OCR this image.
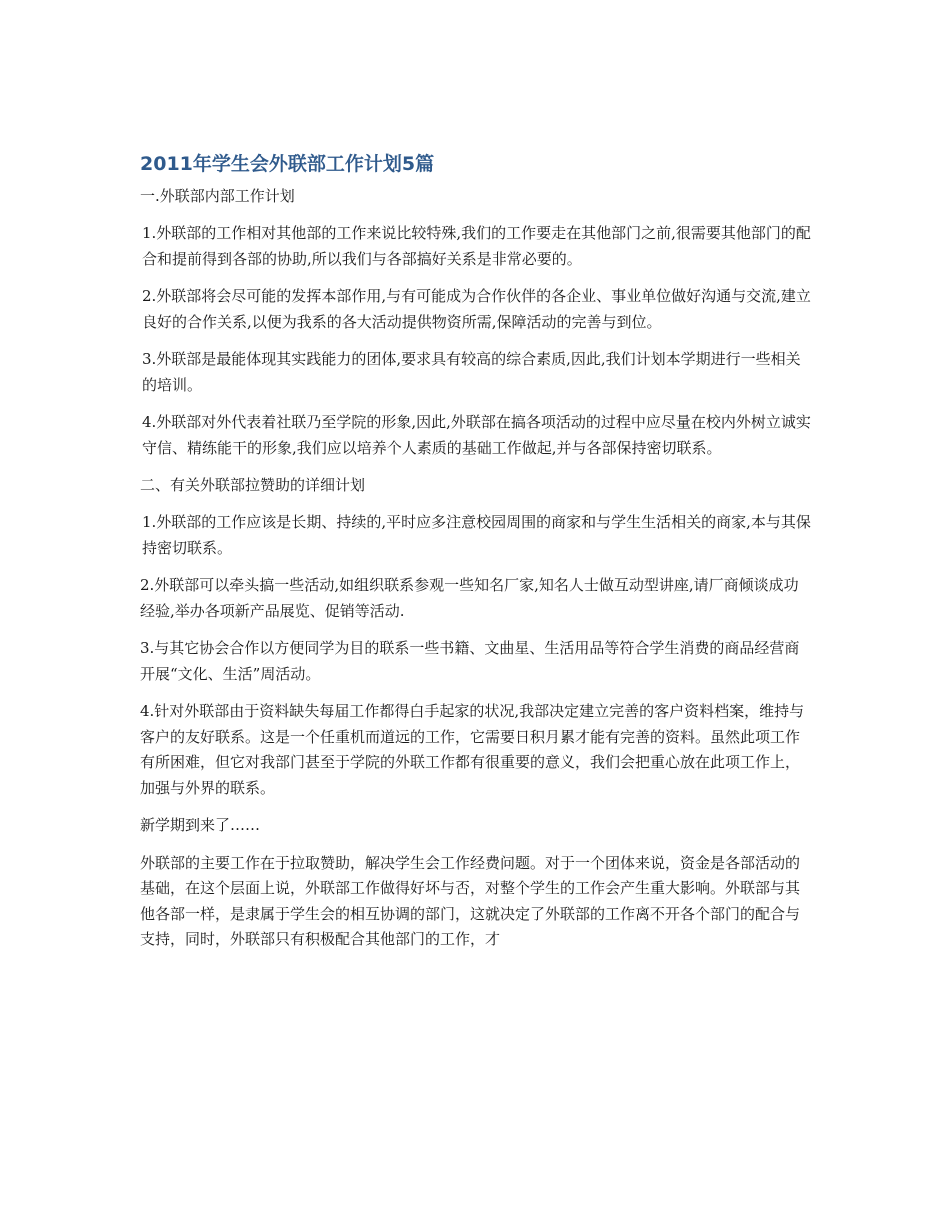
2011年学生会外联部工作计划5篇
一.外联部内部工作计划

1.外联部的工作相对其他部的工作来说比较特殊,我们的工作要走在其他部门之前,很需要其他部门的配合和提前得到各部的协助,所以我们与各部搞好关系是非常必要的。

2.外联部将会尽可能的发挥本部作用,与有可能成为合作伙伴的各企业、事业单位做好沟通与交流,建立良好的合作关系,以便为我系的各大活动提供物资所需,保障活动的完善与到位。

3.外联部是最能体现其实践能力的团体,要求具有较高的综合素质,因此,我们计划本学期进行一些相关的培训。

4.外联部对外代表着社联乃至学院的形象,因此,外联部在搞各项活动的过程中应尽量在校内外树立诚实守信、精练能干的形象,我们应以培养个人素质的基础工作做起,并与各部保持密切联系。

二、有关外联部拉赞助的详细计划

1.外联部的工作应该是长期、持续的,平时应多注意校园周围的商家和与学生生活相关的商家,本与其保持密切联系。

2.外联部可以牵头搞一些活动,如组织联系参观一些知名厂家,知名人士做互动型讲座,请厂商倾谈成功经验,举办各项新产品展览、促销等活动.

3.与其它协会合作以方便同学为目的联系一些书籍、文曲星、生活用品等符合学生消费的商品经营商开展“文化、生活”周活动。

4.针对外联部由于资料缺失每届工作都得白手起家的状况,我部决定建立完善的客户资料档案，维持与客户的友好联系。这是一个任重机而道远的工作，它需要日积月累才能有完善的资料。虽然此项工作有所困难，但它对我部门甚至于学院的外联工作都有很重要的意义，我们会把重心放在此项工作上，加强与外界的联系。

新学期到来了……

外联部的主要工作在于拉取赞助，解决学生会工作经费问题。对于一个团体来说，资金是各部活动的基础，在这个层面上说，外联部工作做得好坏与否，对整个学生的工作会产生重大影响。外联部与其他各部一样，是隶属于学生会的相互协调的部门，这就决定了外联部的工作离不开各个部门的配合与支持，同时，外联部只有积极配合其他部门的工作，才
